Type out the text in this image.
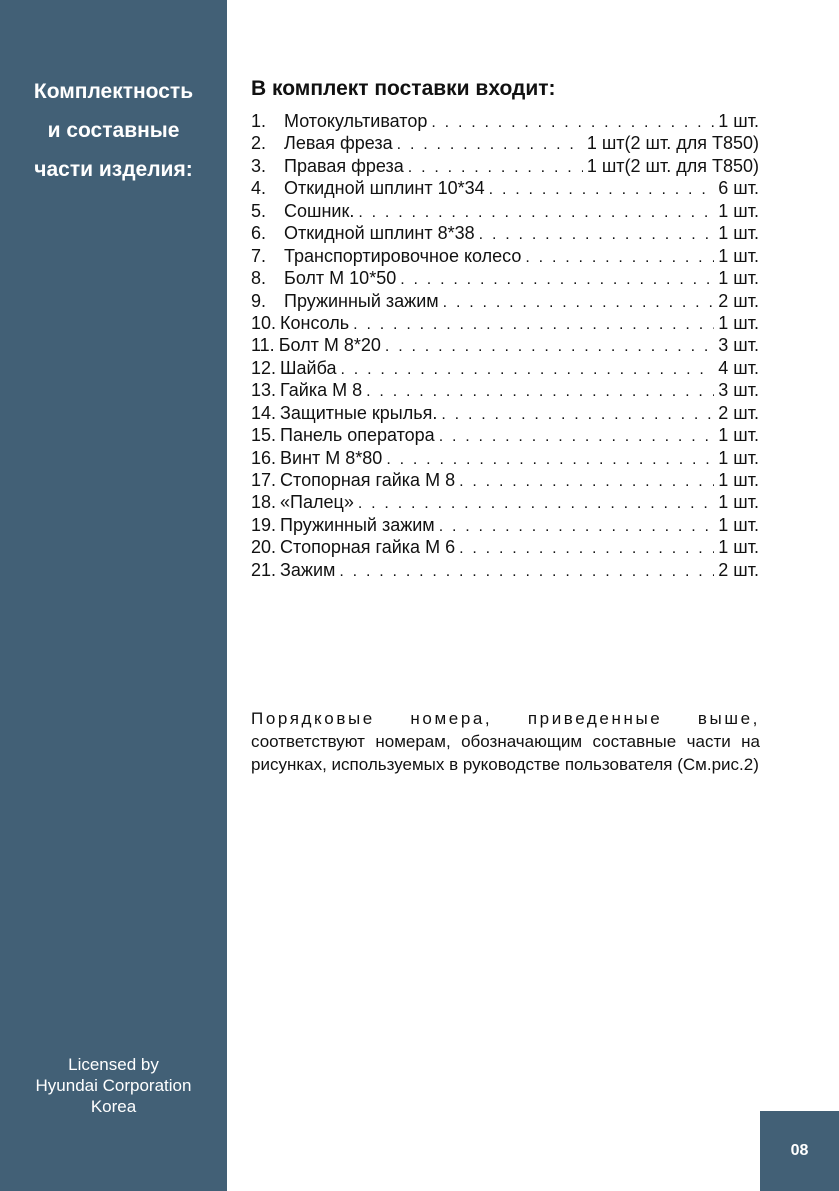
Комплектность
и составные
части изделия:
Licensed by
Hyundai Corporation
Korea
В комплект поставки входит:
1. Мотокультиватор . . .	1 шт.
2. Левая фреза . . .	1 шт(2 шт. для Т850)
3. Правая фреза . . .	1 шт(2 шт. для Т850)
4. Откидной шплинт 10*34 . . .	6 шт.
5. Сошник. . . .	1 шт.
6. Откидной шплинт 8*38 . . .	1 шт.
7. Транспортировочное колесо . . .	1 шт.
8. Болт М 10*50 . . .	1 шт.
9. Пружинный зажим . . .	2 шт.
10. Консоль . . .	1 шт.
11. Болт М 8*20 . . .	3 шт.
12. Шайба . . .	4 шт.
13. Гайка М 8 . . .	3 шт.
14. Защитные крылья. . . .	2 шт.
15. Панель оператора . . .	1 шт.
16. Винт М 8*80 . . .	1 шт.
17. Стопорная гайка М 8 . . .	1 шт.
18. «Палец» . . .	1 шт.
19. Пружинный зажим . . .	1 шт.
20. Стопорная гайка М 6 . . .	1 шт.
21. Зажим . . .	2 шт.

Порядковые номера, приведенные выше, соответствуют номерам, обозначающим составные части на рисунках, используемых в руководстве пользователя (См.рис.2)

08
